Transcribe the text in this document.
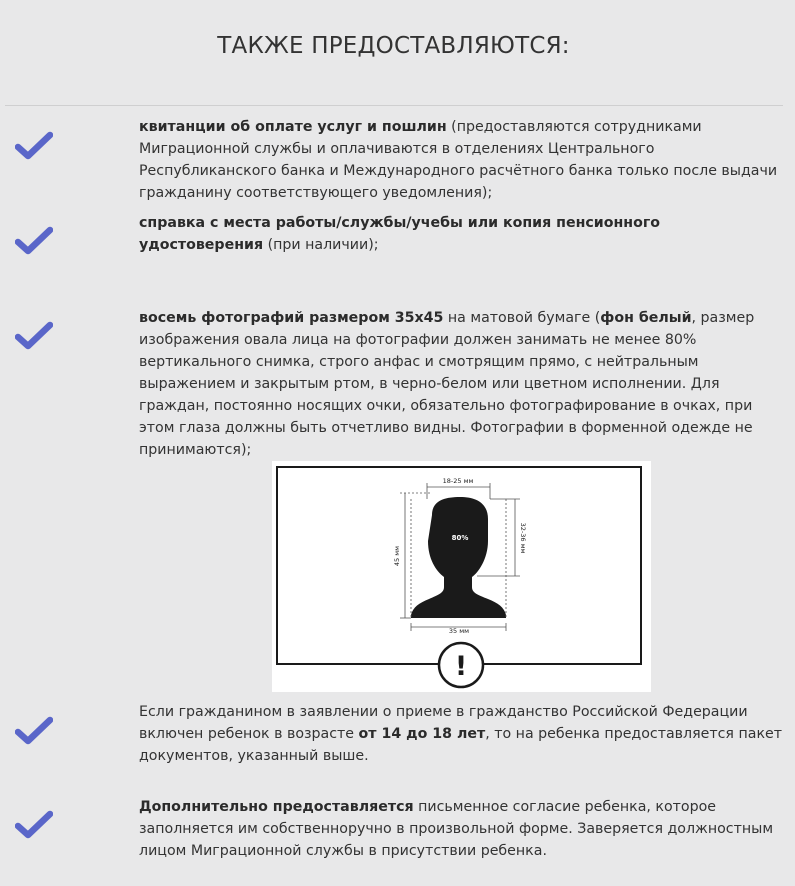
ТАКЖЕ ПРЕДОСТАВЛЯЮТСЯ:
квитанции об оплате услуг и пошлин (предоставляются сотрудниками Миграционной службы и оплачиваются в отделениях Центрального Республиканского банка и Международного расчётного банка только после выдачи гражданину соответствующего уведомления);
справка с места работы/службы/учебы или копия пенсионного удостоверения (при наличии);
восемь фотографий размером 35х45 на матовой бумаге (фон белый, размер изображения овала лица на фотографии должен занимать не менее 80% вертикального снимка, строго анфас и смотрящим прямо, с нейтральным выражением и закрытым ртом, в черно-белом или цветном исполнении. Для граждан, постоянно носящих очки, обязательно фотографирование в очках, при этом глаза должны быть отчетливо видны. Фотографии в форменной одежде не принимаются);
18-25 мм
80%	32-36 мм
45 мм
35 мм
!
Если гражданином в заявлении о приеме в гражданство Российской Федерации включен ребенок в возрасте от 14 до 18 лет, то на ребенка предоставляется пакет документов, указанный выше.
Дополнительно предоставляется письменное согласие ребенка, которое заполняется им собственноручно в произвольной форме. Заверяется должностным лицом Миграционной службы в присутствии ребенка.
